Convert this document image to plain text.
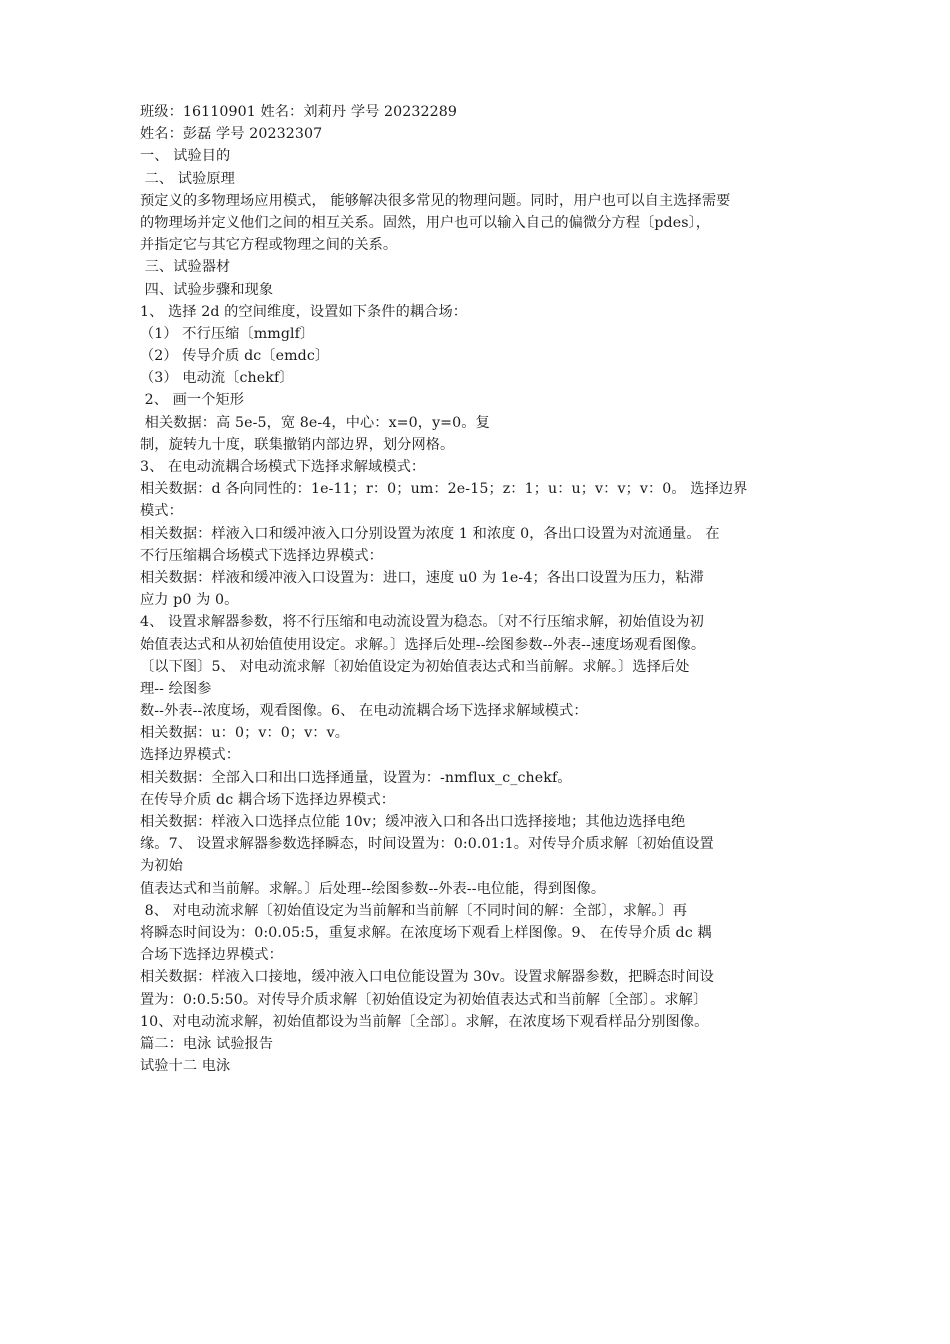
班级：16110901 姓名：刘莉丹 学号 20232289
姓名：彭磊 学号 20232307
一、 试验目的
二、 试验原理
预定义的多物理场应用模式， 能够解决很多常见的物理问题。同时，用户也可以自主选择需要
的物理场并定义他们之间的相互关系。固然，用户也可以输入自己的偏微分方程〔pdes〕，
并指定它与其它方程或物理之间的关系。
三、试验器材
四、试验步骤和现象
1、 选择 2d 的空间维度，设置如下条件的耦合场：
（1） 不行压缩〔mmglf〕
（2） 传导介质 dc〔emdc〕
（3） 电动流〔chekf〕
2、 画一个矩形
相关数据：高 5e-5，宽 8e-4，中心：x=0，y=0。复
制，旋转九十度，联集撤销内部边界，划分网格。
3、 在电动流耦合场模式下选择求解域模式：
相关数据：d 各向同性的：1e-11；r：0；um：2e-15；z：1；u：u；v：v；v：0。 选择边界
模式：
相关数据：样液入口和缓冲液入口分别设置为浓度 1 和浓度 0，各出口设置为对流通量。 在
不行压缩耦合场模式下选择边界模式：
相关数据：样液和缓冲液入口设置为：进口，速度 u0 为 1e-4；各出口设置为压力，粘滞
应力 p0 为 0。
4、 设置求解器参数，将不行压缩和电动流设置为稳态。〔对不行压缩求解，初始值设为初
始值表达式和从初始值使用设定。求解。〕选择后处理--绘图参数--外表--速度场观看图像。
〔以下图〕5、 对电动流求解〔初始值设定为初始值表达式和当前解。求解。〕选择后处
理-- 绘图参
数--外表--浓度场，观看图像。6、 在电动流耦合场下选择求解域模式：
相关数据：u：0；v：0；v：v。
选择边界模式：
相关数据：全部入口和出口选择通量，设置为：-nmflux_c_chekf。
在传导介质 dc 耦合场下选择边界模式：
相关数据：样液入口选择点位能 10v；缓冲液入口和各出口选择接地；其他边选择电绝
缘。7、 设置求解器参数选择瞬态，时间设置为：0:0.01:1。对传导介质求解〔初始值设置
为初始
值表达式和当前解。求解。〕后处理--绘图参数--外表--电位能，得到图像。
8、 对电动流求解〔初始值设定为当前解和当前解〔不同时间的解：全部〕，求解。〕再
将瞬态时间设为：0:0.05:5，重复求解。在浓度场下观看上样图像。9、 在传导介质 dc 耦
合场下选择边界模式：
相关数据：样液入口接地，缓冲液入口电位能设置为 30v。设置求解器参数，把瞬态时间设
置为：0:0.5:50。对传导介质求解〔初始值设定为初始值表达式和当前解〔全部〕。求解〕
10、对电动流求解，初始值都设为当前解〔全部〕。求解，在浓度场下观看样品分别图像。
篇二：电泳 试验报告
试验十二 电泳
